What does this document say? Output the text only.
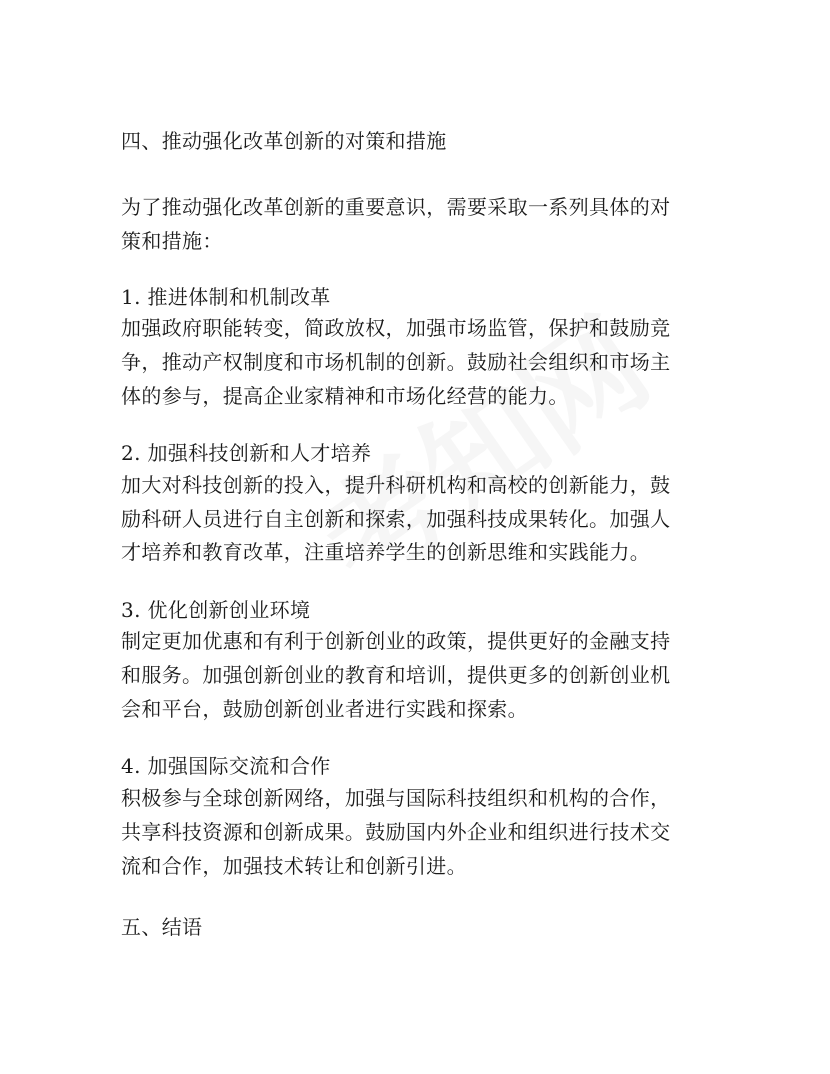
四、推动强化改革创新的对策和措施
为了推动强化改革创新的重要意识，需要采取一系列具体的对
策和措施：
1. 推进体制和机制改革
加强政府职能转变，简政放权，加强市场监管，保护和鼓励竞
争，推动产权制度和市场机制的创新。鼓励社会组织和市场主
体的参与，提高企业家精神和市场化经营的能力。
2. 加强科技创新和人才培养
加大对科技创新的投入，提升科研机构和高校的创新能力，鼓
励科研人员进行自主创新和探索，加强科技成果转化。加强人
才培养和教育改革，注重培养学生的创新思维和实践能力。
3. 优化创新创业环境
制定更加优惠和有利于创新创业的政策，提供更好的金融支持
和服务。加强创新创业的教育和培训，提供更多的创新创业机
会和平台，鼓励创新创业者进行实践和探索。
4. 加强国际交流和合作
积极参与全球创新网络，加强与国际科技组织和机构的合作，
共享科技资源和创新成果。鼓励国内外企业和组织进行技术交
流和合作，加强技术转让和创新引进。
五、结语
